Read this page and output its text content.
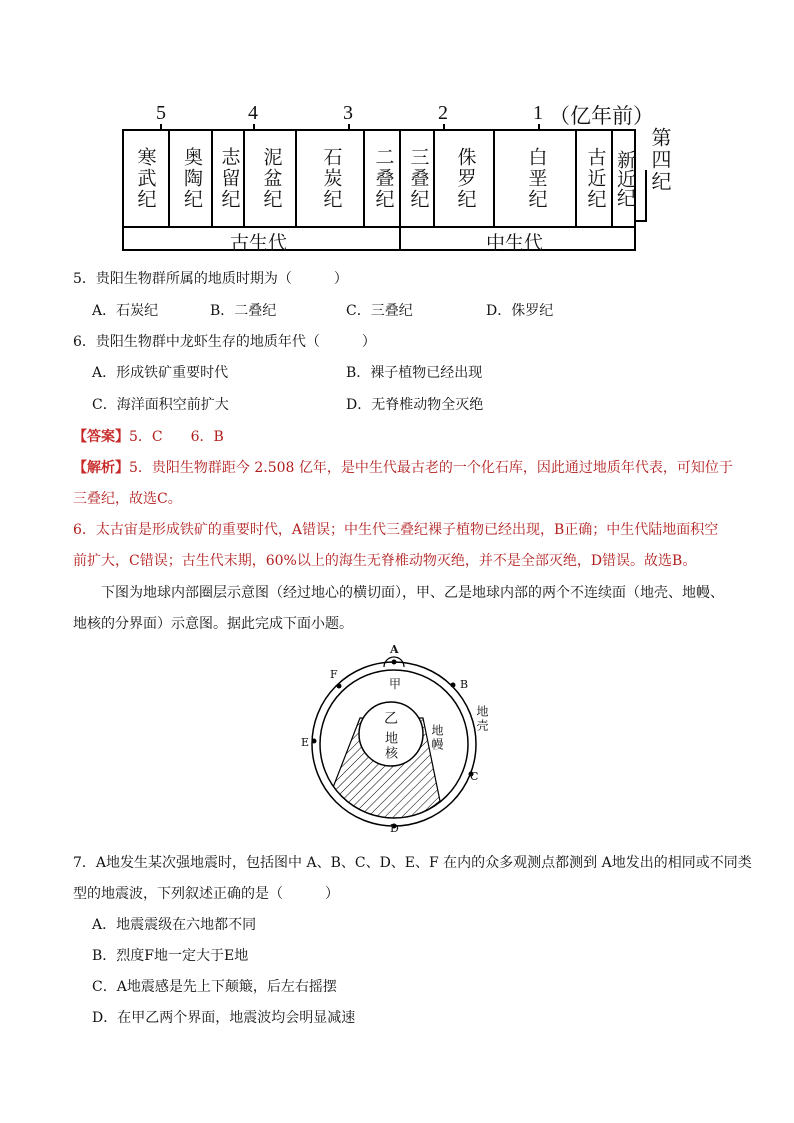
5	4	3	2	1 （亿年前）
寒武纪 奥陶纪 志留纪 泥盆纪 石炭纪 二叠纪 三叠纪 侏罗纪	白垩纪 古近纪 新近纪 第四纪
古生代	中生代
5．贵阳生物群所属的地质时期为（　　　）
A．石炭纪	B．二叠纪	C．三叠纪	D．侏罗纪
6．贵阳生物群中龙虾生存的地质年代（　　　）
A．形成铁矿重要时代	B．裸子植物已经出现
C．海洋面积空前扩大	D．无脊椎动物全灭绝
【答案】5．C　　6．B
【解析】5．贵阳生物群距今 2.508 亿年，是中生代最古老的一个化石库，因此通过地质年代表，可知位于
三叠纪，故选C。
6．太古宙是形成铁矿的重要时代，A错误；中生代三叠纪裸子植物已经出现，B正确；中生代陆地面积空
前扩大，C错误；古生代末期，60%以上的海生无脊椎动物灭绝，并不是全部灭绝，D错误。故选B。
下图为地球内部圈层示意图（经过地心的横切面），甲、乙是地球内部的两个不连续面（地壳、地幔、
地核的分界面）示意图。据此完成下面小题。
A
B
C
D
E
F
甲
乙
地核	地幔
地壳
7．A地发生某次强地震时，包括图中 A、B、C、D、E、F 在内的众多观测点都测到 A地发出的相同或不同类
型的地震波，下列叙述正确的是（　　　）
A．地震震级在六地都不同
B．烈度F地一定大于E地
C．A地震感是先上下颠簸，后左右摇摆
D．在甲乙两个界面，地震波均会明显减速
